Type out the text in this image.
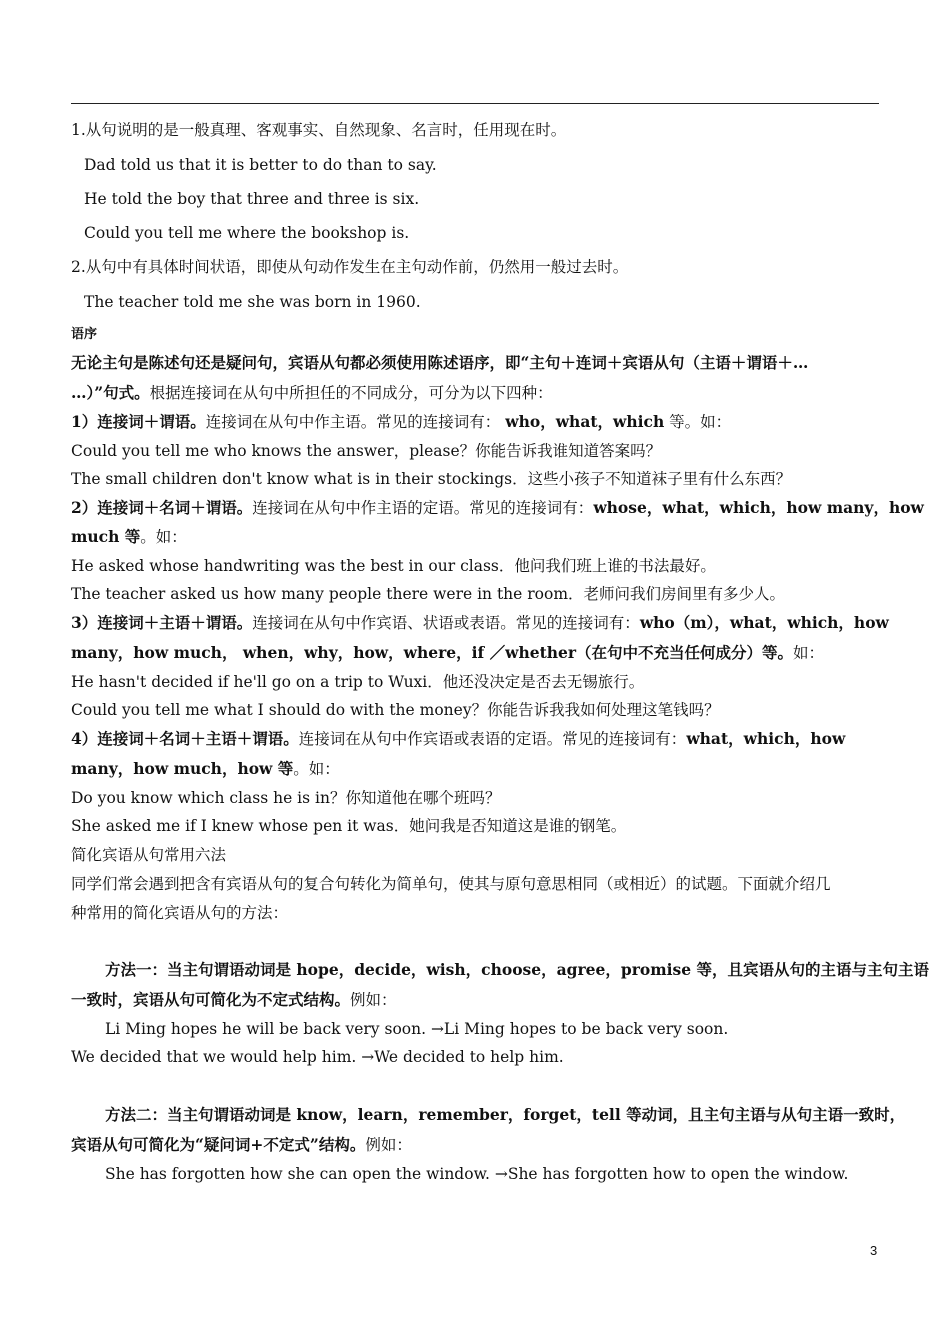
1.从句说明的是一般真理、客观事实、自然现象、名言时，任用现在时。
Dad told us that it is better to do than to say.
He told the boy that three and three is six.
Could you tell me where the bookshop is.
2.从句中有具体时间状语，即使从句动作发生在主句动作前，仍然用一般过去时。
The teacher told me she was born in 1960.
语序
无论主句是陈述句还是疑问句，宾语从句都必须使用陈述语序，即“主句＋连词＋宾语从句（主语＋谓语＋…
…）”句式。根据连接词在从句中所担任的不同成分，可分为以下四种：
1）连接词＋谓语。连接词在从句中作主语。常见的连接词有： who，what，which 等。如：
Could you tell me who knows the answer，please？你能告诉我谁知道答案吗？
The small children don't know what is in their stockings．这些小孩子不知道袜子里有什么东西？
2）连接词＋名词＋谓语。连接词在从句中作主语的定语。常见的连接词有：whose，what，which，how many，how
much 等。如：
He asked whose handwriting was the best in our class．他问我们班上谁的书法最好。
The teacher asked us how many people there were in the room．老师问我们房间里有多少人。
3）连接词＋主语＋谓语。连接词在从句中作宾语、状语或表语。常见的连接词有：who（m），what，which，how
many，how much， when，why，how，where，if ／whether（在句中不充当任何成分）等。如：
He hasn't decided if he'll go on a trip to Wuxi．他还没决定是否去无锡旅行。
Could you tell me what I should do with the money？你能告诉我我如何处理这笔钱吗？
4）连接词＋名词＋主语＋谓语。连接词在从句中作宾语或表语的定语。常见的连接词有：what，which，how
many，how much，how 等。如：
Do you know which class he is in？你知道他在哪个班吗？
She asked me if I knew whose pen it was．她问我是否知道这是谁的钢笔。
简化宾语从句常用六法
同学们常会遇到把含有宾语从句的复合句转化为简单句，使其与原句意思相同（或相近）的试题。下面就介绍几
种常用的简化宾语从句的方法：
方法一：当主句谓语动词是 hope，decide，wish，choose，agree，promise 等，且宾语从句的主语与主句主语
一致时，宾语从句可简化为不定式结构。例如：
Li Ming hopes he will be back very soon. →Li Ming hopes to be back very soon.
We decided that we would help him. →We decided to help him.
方法二：当主句谓语动词是 know，learn，remember，forget，tell 等动词，且主句主语与从句主语一致时，
宾语从句可简化为“疑问词+不定式”结构。例如：
She has forgotten how she can open the window. →She has forgotten how to open the window.
3
